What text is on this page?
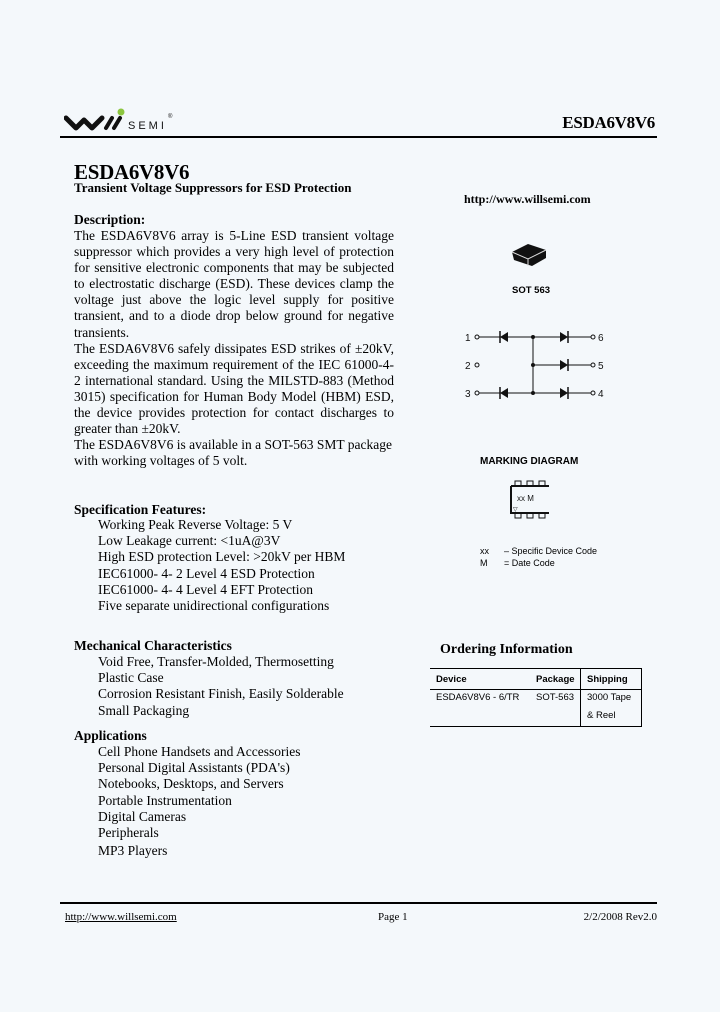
SEMI
®	ESDA6V8V6
ESDA6V8V6
Transient Voltage Suppressors for ESD Protection
Description:

The ESDA6V8V6 array is 5-Line ESD transient voltage suppressor which provides a very high level of protection for sensitive electronic components that may be subjected to electrostatic discharge (ESD). These devices clamp the voltage just above the logic level supply for positive transient, and to a diode drop below ground for negative transients.

The ESDA6V8V6 safely dissipates ESD strikes of ±20kV, exceeding the maximum requirement of the IEC 61000-4-2 international standard. Using the MILSTD-883 (Method 3015) specification for Human Body Model (HBM) ESD, the device provides protection for contact discharges to greater than ±20kV.

The ESDA6V8V6 is available in a SOT-563 SMT package with working voltages of 5 volt.

Specification Features:
Working Peak Reverse Voltage: 5 V
Low Leakage current: <1uA@3V
High ESD protection Level: >20kV per HBM
IEC61000- 4- 2 Level 4 ESD Protection
IEC61000- 4- 4 Level 4 EFT Protection
Five separate unidirectional configurations
Mechanical Characteristics
Void Free, Transfer-Molded, Thermosetting
Plastic Case
Corrosion Resistant Finish, Easily Solderable
Small Packaging
Applications
Cell Phone Handsets and Accessories
Personal Digital Assistants (PDA's)
Notebooks, Desktops, and Servers
Portable Instrumentation
Digital Cameras
Peripherals
MP3 Players
http://www.willsemi.com
SOT 563
1
2
3
6
5
4
MARKING DIAGRAM
xx M
▽
xx – Specific Device Code
M = Date Code
Ordering Information
Device	Package	Shipping
ESDA6V8V6 - 6/TR	SOT-563	3000 Tape
		& Reel
http://www.willsemi.com	Page 1	2/2/2008 Rev2.0
